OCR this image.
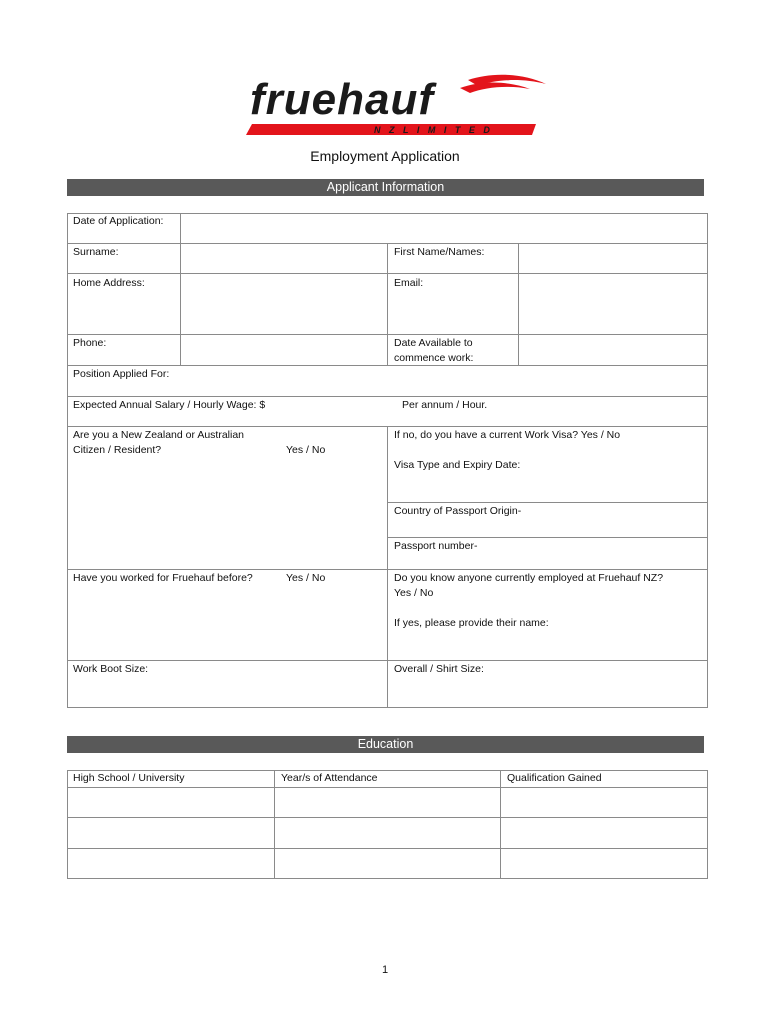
fruehauf
N Z L I M I T E D
Employment Application
Applicant Information
Date of Application:
Surname:	First Name/Names:
Home Address:	Email:
Phone:	Date Available to
commence work:
Position Applied For:
Expected Annual Salary / Hourly Wage: $	Per annum / Hour.
Are you a New Zealand or Australian
Citizen / Resident?	Yes / No
If no, do you have a current Work Visa? Yes / No
Visa Type and Expiry Date:
Country of Passport Origin-
Passport number-
Have you worked for Fruehauf before?	Yes / No	Do you know anyone currently employed at Fruehauf NZ?
Yes / No
If yes, please provide their name:
Work Boot Size:	Overall / Shirt Size:
Education
High School / University	Year/s of Attendance	Qualification Gained
1
